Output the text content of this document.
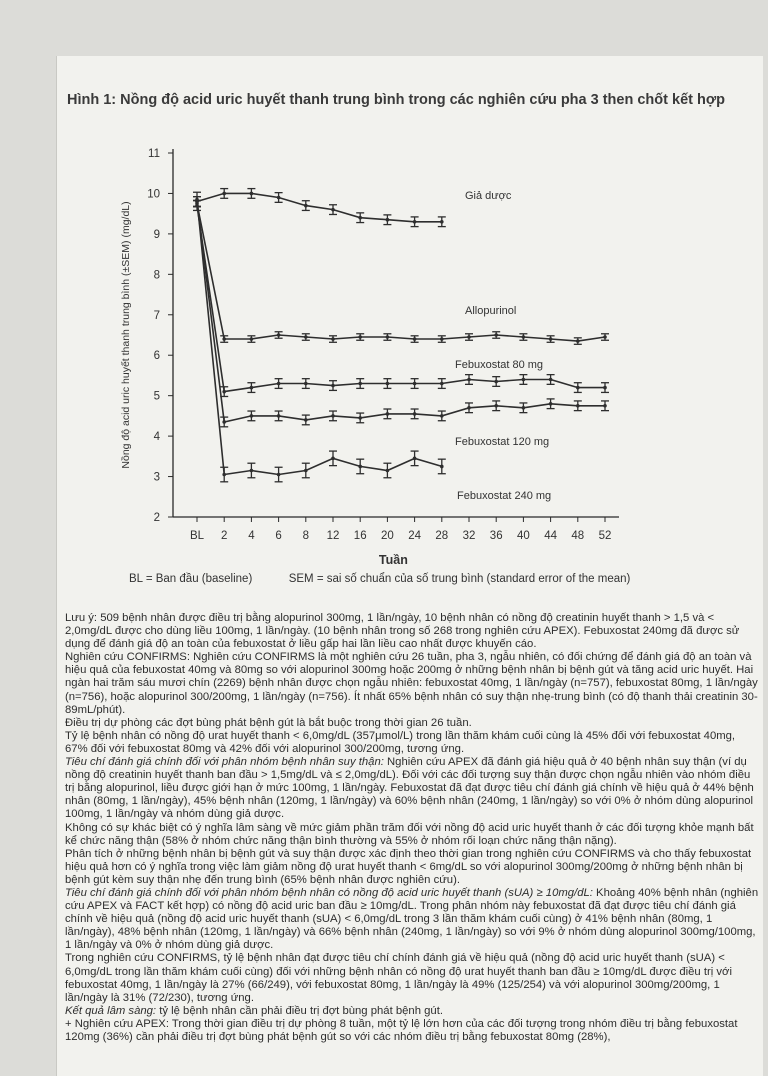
Hình 1: Nồng độ acid uric huyết thanh trung bình trong các nghiên cứu pha 3 then chốt kết hợp
2
3
4
5
6
7
8
9
10
11
BL 2 4 6 8 12 16 20 24 28 32 36 40 44 48 52
Tuần
Nồng độ acid uric huyết thanh trung bình (±SEM) (mg/dL)
Giả dược
Allopurinol
Febuxostat 80 mg
Febuxostat 120 mg
Febuxostat 240 mg
BL = Ban đầu (baseline)	SEM = sai số chuẩn của số trung bình (standard error of the mean)

Lưu ý: 509 bệnh nhân được điều trị bằng alopurinol 300mg, 1 lần/ngày, 10 bệnh nhân có nồng độ creatinin huyết thanh > 1,5 và < 2,0mg/dL được cho dùng liều 100mg, 1 lần/ngày. (10 bệnh nhân trong số 268 trong nghiên cứu APEX). Febuxostat 240mg đã được sử dụng để đánh giá độ an toàn của febuxostat ở liều gấp hai lần liều cao nhất được khuyến cáo.

Nghiên cứu CONFIRMS: Nghiên cứu CONFIRMS là một nghiên cứu 26 tuần, pha 3, ngẫu nhiên, có đối chứng để đánh giá độ an toàn và hiệu quả của febuxostat 40mg và 80mg so với alopurinol 300mg hoặc 200mg ở những bệnh nhân bị bệnh gút và tăng acid uric huyết. Hai ngàn hai trăm sáu mươi chín (2269) bệnh nhân được chọn ngẫu nhiên: febuxostat 40mg, 1 lần/ngày (n=757), febuxostat 80mg, 1 lần/ngày (n=756), hoặc alopurinol 300/200mg, 1 lần/ngày (n=756). Ít nhất 65% bệnh nhân có suy thận nhẹ-trung bình (có độ thanh thải creatinin 30-89mL/phút).

Điều trị dự phòng các đợt bùng phát bệnh gút là bắt buộc trong thời gian 26 tuần.

Tỷ lệ bệnh nhân có nồng độ urat huyết thanh < 6,0mg/dL (357μmol/L) trong lần thăm khám cuối cùng là 45% đối với febuxostat 40mg, 67% đối với febuxostat 80mg và 42% đối với alopurinol 300/200mg, tương ứng.

Tiêu chí đánh giá chính đối với phân nhóm bệnh nhân suy thận: Nghiên cứu APEX đã đánh giá hiệu quả ở 40 bệnh nhân suy thận (ví dụ nồng độ creatinin huyết thanh ban đầu > 1,5mg/dL và ≤ 2,0mg/dL). Đối với các đối tượng suy thận được chọn ngẫu nhiên vào nhóm điều trị bằng alopurinol, liều được giới hạn ở mức 100mg, 1 lần/ngày. Febuxostat đã đạt được tiêu chí đánh giá chính về hiệu quả ở 44% bệnh nhân (80mg, 1 lần/ngày), 45% bệnh nhân (120mg, 1 lần/ngày) và 60% bệnh nhân (240mg, 1 lần/ngày) so với 0% ở nhóm dùng alopurinol 100mg, 1 lần/ngày và nhóm dùng giả dược.

Không có sự khác biệt có ý nghĩa lâm sàng về mức giảm phần trăm đối với nồng độ acid uric huyết thanh ở các đối tượng khỏe mạnh bất kể chức năng thận (58% ở nhóm chức năng thận bình thường và 55% ở nhóm rối loạn chức năng thận nặng).

Phân tích ở những bệnh nhân bị bệnh gút và suy thận được xác định theo thời gian trong nghiên cứu CONFIRMS và cho thấy febuxostat hiệu quả hơn có ý nghĩa trong việc làm giảm nồng độ urat huyết thanh < 6mg/dL so với alopurinol 300mg/200mg ở những bệnh nhân bị bệnh gút kèm suy thận nhẹ đến trung bình (65% bệnh nhân được nghiên cứu).

Tiêu chí đánh giá chính đối với phân nhóm bệnh nhân có nồng độ acid uric huyết thanh (sUA) ≥ 10mg/dL: Khoảng 40% bệnh nhân (nghiên cứu APEX và FACT kết hợp) có nồng độ acid uric ban đầu ≥ 10mg/dL. Trong phân nhóm này febuxostat đã đạt được tiêu chí đánh giá chính về hiệu quả (nồng độ acid uric huyết thanh (sUA) < 6,0mg/dL trong 3 lần thăm khám cuối cùng) ở 41% bệnh nhân (80mg, 1 lần/ngày), 48% bệnh nhân (120mg, 1 lần/ngày) và 66% bệnh nhân (240mg, 1 lần/ngày) so với 9% ở nhóm dùng alopurinol 300mg/100mg, 1 lần/ngày và 0% ở nhóm dùng giả dược.

Trong nghiên cứu CONFIRMS, tỷ lệ bệnh nhân đạt được tiêu chí chính đánh giá về hiệu quả (nồng độ acid uric huyết thanh (sUA) < 6,0mg/dL trong lần thăm khám cuối cùng) đối với những bệnh nhân có nồng độ urat huyết thanh ban đầu ≥ 10mg/dL được điều trị với febuxostat 40mg, 1 lần/ngày là 27% (66/249), với febuxostat 80mg, 1 lần/ngày là 49% (125/254) và với alopurinol 300mg/200mg, 1 lần/ngày là 31% (72/230), tương ứng.

Kết quả lâm sàng: tỷ lệ bệnh nhân cần phải điều trị đợt bùng phát bệnh gút.

+ Nghiên cứu APEX: Trong thời gian điều trị dự phòng 8 tuần, một tỷ lệ lớn hơn của các đối tượng trong nhóm điều trị bằng febuxostat 120mg (36%) cần phải điều trị đợt bùng phát bệnh gút so với các nhóm điều trị bằng febuxostat 80mg (28%),
